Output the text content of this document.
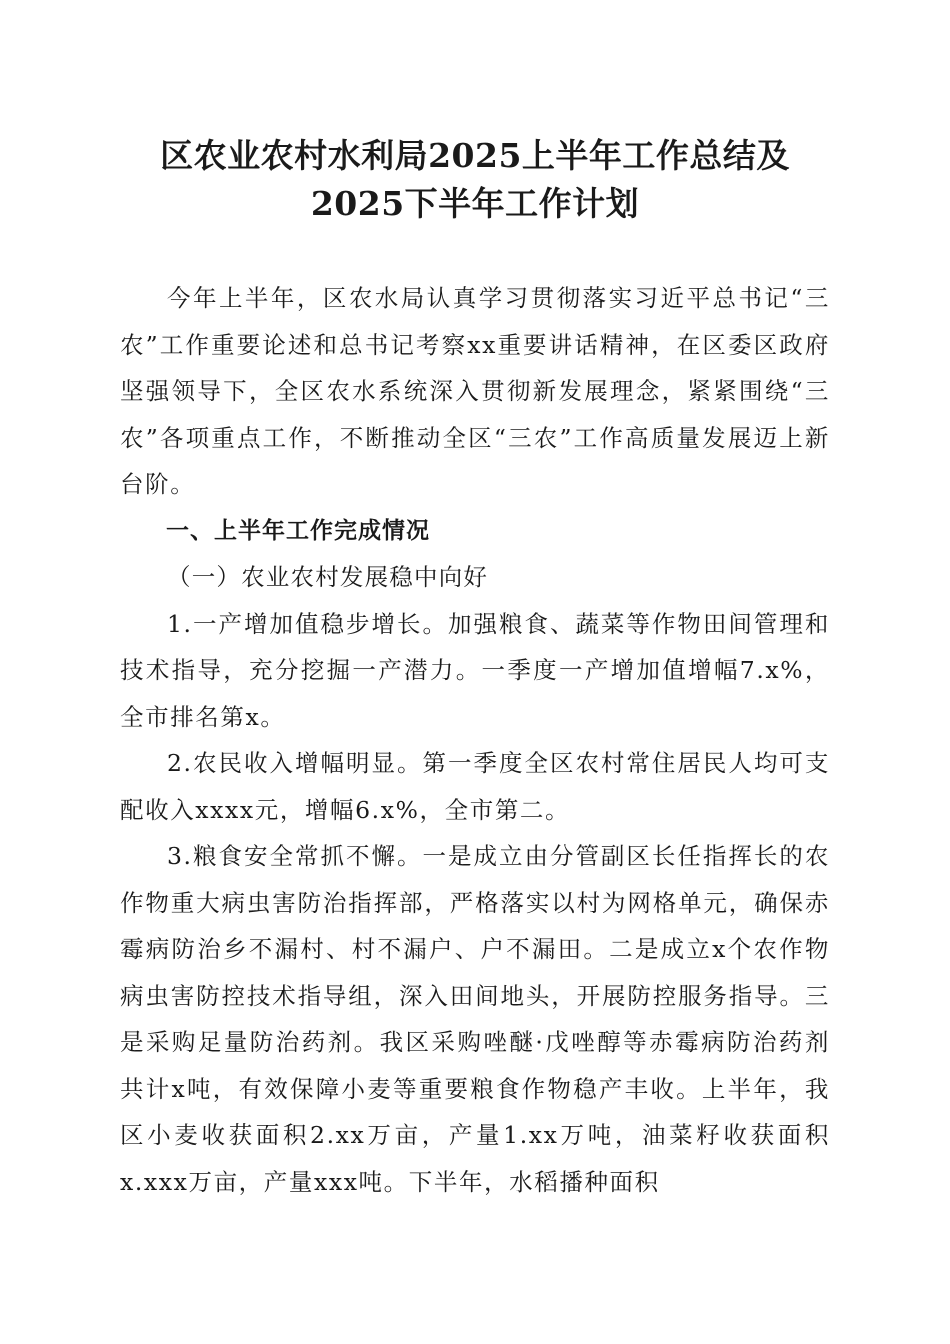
区农业农村水利局2025上半年工作总结及
2025下半年工作计划

今年上半年，区农水局认真学习贯彻落实习近平总书记“三农”工作重要论述和总书记考察xx重要讲话精神，在区委区政府坚强领导下，全区农水系统深入贯彻新发展理念，紧紧围绕“三农”各项重点工作，不断推动全区“三农”工作高质量发展迈上新台阶。

一、上半年工作完成情况

（一）农业农村发展稳中向好

1.一产增加值稳步增长。加强粮食、蔬菜等作物田间管理和技术指导，充分挖掘一产潜力。一季度一产增加值增幅7.x%，全市排名第x。

2.农民收入增幅明显。第一季度全区农村常住居民人均可支配收入xxxx元，增幅6.x%，全市第二。

3.粮食安全常抓不懈。一是成立由分管副区长任指挥长的农作物重大病虫害防治指挥部，严格落实以村为网格单元，确保赤霉病防治乡不漏村、村不漏户、户不漏田。二是成立x个农作物病虫害防控技术指导组，深入田间地头，开展防控服务指导。三是采购足量防治药剂。我区采购唑醚·戊唑醇等赤霉病防治药剂共计x吨，有效保障小麦等重要粮食作物稳产丰收。上半年，我区小麦收获面积2.xx万亩，产量1.xx万吨，油菜籽收获面积x.xxx万亩，产量xxx吨。下半年，水稻播种面积
